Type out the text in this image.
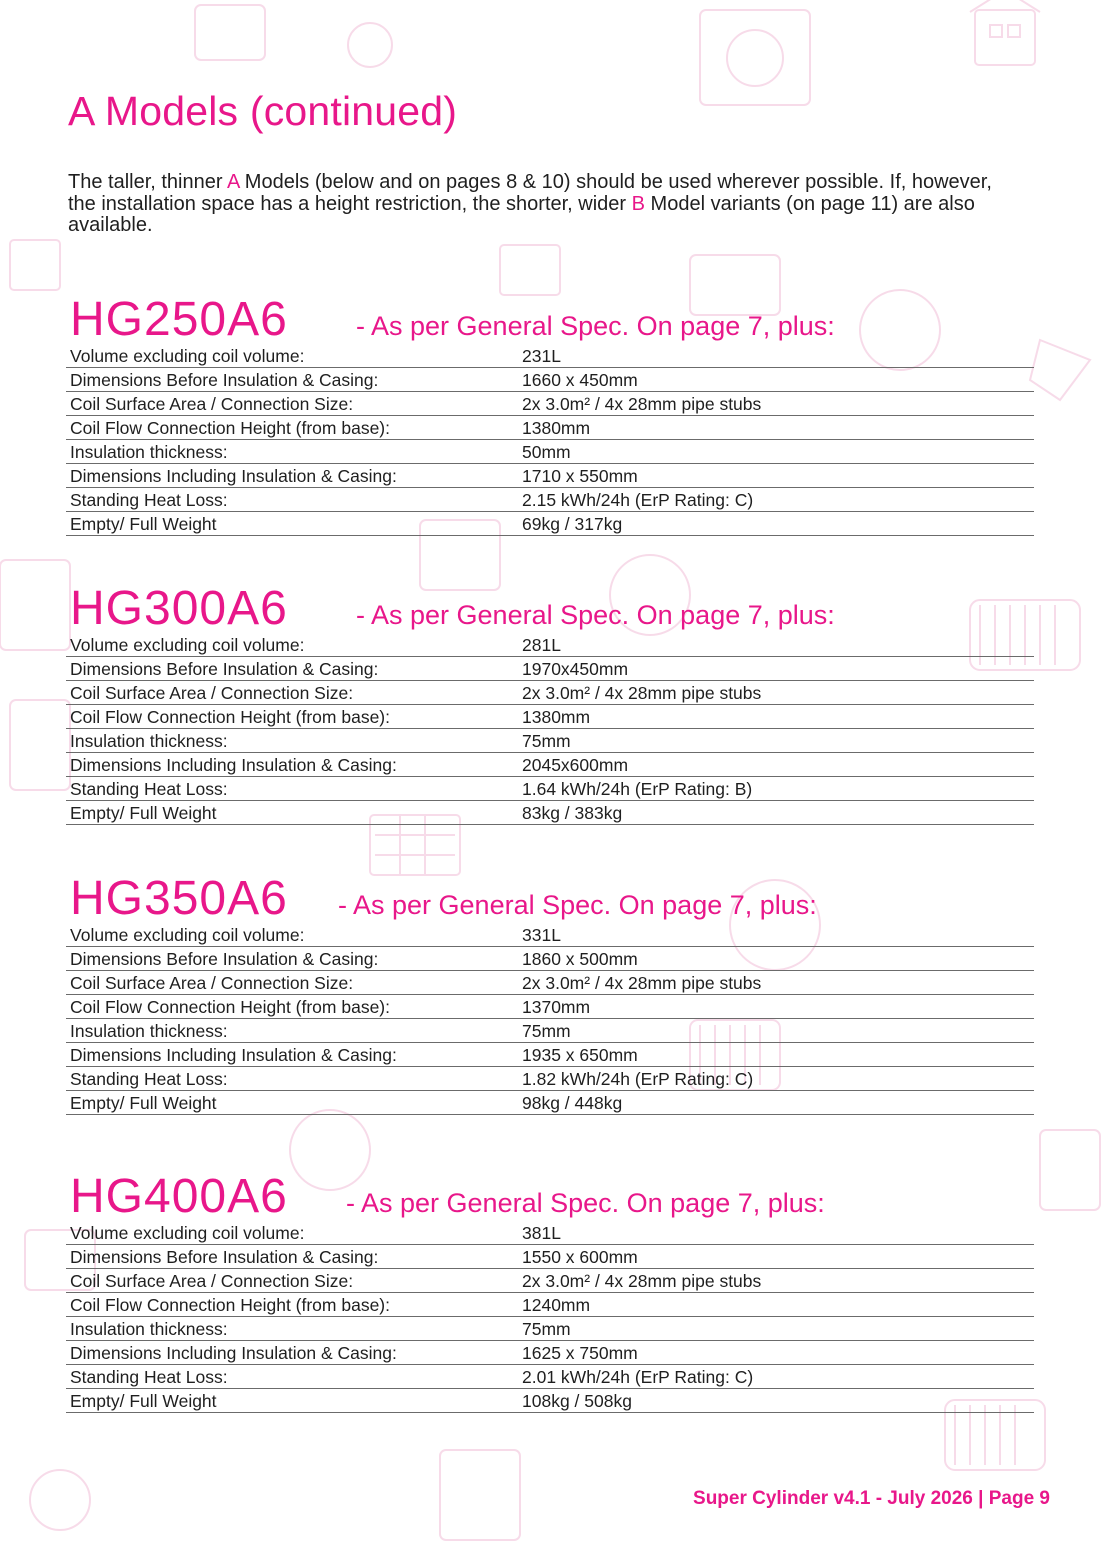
A Models (continued)

The taller, thinner A Models (below and on pages 8 & 10) should be used wherever possible. If, however, the installation space has a height restriction, the shorter, wider B Model variants (on page 11) are also available.

HG250A6	- As per General Spec. On page 7, plus:
Volume excluding coil volume:	231L
Dimensions Before Insulation & Casing:	1660 x 450mm
Coil Surface Area / Connection Size:	2x 3.0m² / 4x 28mm pipe stubs
Coil Flow Connection Height (from base):	1380mm
Insulation thickness:	50mm
Dimensions Including Insulation & Casing:	1710 x 550mm
Standing Heat Loss:	2.15 kWh/24h (ErP Rating: C)
Empty/ Full Weight	69kg / 317kg
HG300A6	- As per General Spec. On page 7, plus:
Volume excluding coil volume:	281L
Dimensions Before Insulation & Casing:	1970x450mm
Coil Surface Area / Connection Size:	2x 3.0m² / 4x 28mm pipe stubs
Coil Flow Connection Height (from base):	1380mm
Insulation thickness:	75mm
Dimensions Including Insulation & Casing:	2045x600mm
Standing Heat Loss:	1.64 kWh/24h (ErP Rating: B)
Empty/ Full Weight	83kg / 383kg
HG350A6 - As per General Spec. On page 7, plus:
Volume excluding coil volume:	331L
Dimensions Before Insulation & Casing:	1860 x 500mm
Coil Surface Area / Connection Size:	2x 3.0m² / 4x 28mm pipe stubs
Coil Flow Connection Height (from base):	1370mm
Insulation thickness:	75mm
Dimensions Including Insulation & Casing:	1935 x 650mm
Standing Heat Loss:	1.82 kWh/24h (ErP Rating: C)
Empty/ Full Weight	98kg / 448kg
HG400A6 - As per General Spec. On page 7, plus:
Volume excluding coil volume:	381L
Dimensions Before Insulation & Casing:	1550 x 600mm
Coil Surface Area / Connection Size:	2x 3.0m² / 4x 28mm pipe stubs
Coil Flow Connection Height (from base):	1240mm
Insulation thickness:	75mm
Dimensions Including Insulation & Casing:	1625 x 750mm
Standing Heat Loss:	2.01 kWh/24h (ErP Rating: C)
Empty/ Full Weight	108kg / 508kg
Super Cylinder v4.1 - July 2026 | Page 9
